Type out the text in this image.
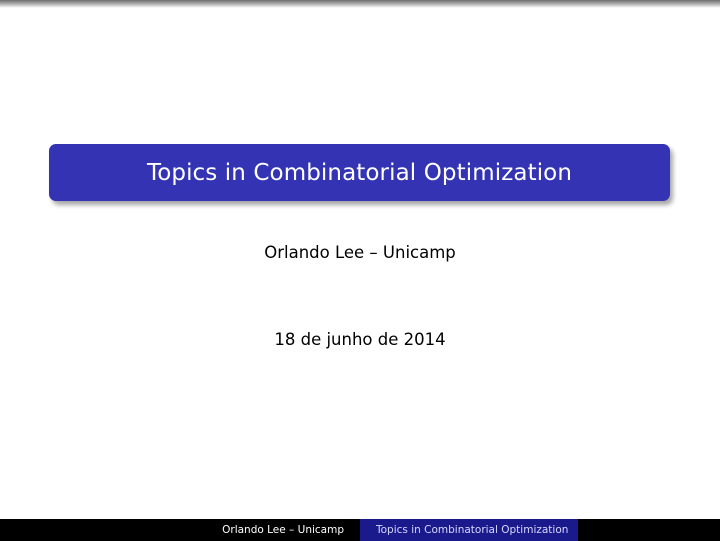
Topics in Combinatorial Optimization
Orlando Lee – Unicamp
18 de junho de 2014
Orlando Lee – Unicamp	Topics in Combinatorial Optimization
